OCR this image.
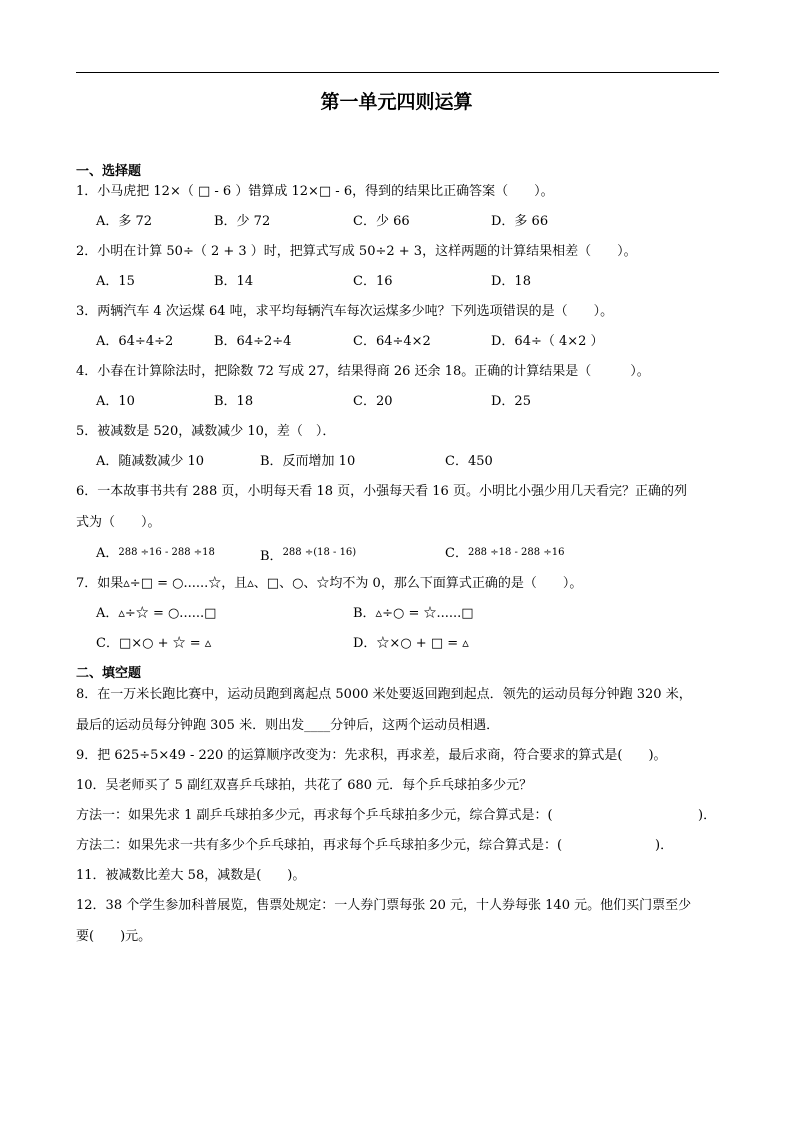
第一单元四则运算
一、选择题
1．小马虎把 12×（ □ - 6 ）错算成 12×□ - 6，得到的结果比正确答案（　　）。
A．多 72	B．少 72	C．少 66	D．多 66
2．小明在计算 50÷（ 2 + 3 ）时，把算式写成 50÷2 + 3，这样两题的计算结果相差（　　）。
A．15	B．14	C．16	D．18
3．两辆汽车 4 次运煤 64 吨，求平均每辆汽车每次运煤多少吨？下列选项错误的是（　　）。
A．64÷4÷2	B．64÷2÷4	C．64÷4×2	D．64÷（ 4×2 ）
4．小春在计算除法时，把除数 72 写成 27，结果得商 26 还余 18。正确的计算结果是（　　　）。
A．10	B．18	C．20	D．25
5．被减数是 520，减数减少 10，差（　）．
A．随减数减少 10	B．反而增加 10	C．450
6．一本故事书共有 288 页，小明每天看 18 页，小强每天看 16 页。小明比小强少用几天看完？正确的列
式为（　　）。
A．288 ÷16 - 288 ÷18	B．$^{288 \div(18 - 16)}$	C．288 ÷18 - 288 ÷16
7．如果▵÷□ = ○......☆，且▵、□、○、☆均不为 0，那么下面算式正确的是（　　）。
A．▵÷☆ = ○......□	B．▵÷○ = ☆......□
C．□×○ + ☆ = ▵	D．☆×○ + □ = ▵
二、填空题
8．在一万米长跑比赛中，运动员跑到离起点 5000 米处要返回跑到起点．领先的运动员每分钟跑 320 米，
最后的运动员每分钟跑 305 米．则出发____分钟后，这两个运动员相遇．
9．把 625÷5×49 - 220 的运算顺序改变为：先求积，再求差，最后求商，符合要求的算式是(　　)。
10．吴老师买了 5 副红双喜乒乓球拍，共花了 680 元．每个乒乓球拍多少元？
方法一：如果先求 1 副乒乓球拍多少元，再求每个乒乓球拍多少元，综合算式是：(	)．
方法二：如果先求一共有多少个乒乓球拍，再求每个乒乓球拍多少元，综合算式是：(	)．
11．被减数比差大 58，减数是(　　)。
12．38 个学生参加科普展览，售票处规定：一人券门票每张 20 元，十人券每张 140 元。他们买门票至少
要(　　)元。
